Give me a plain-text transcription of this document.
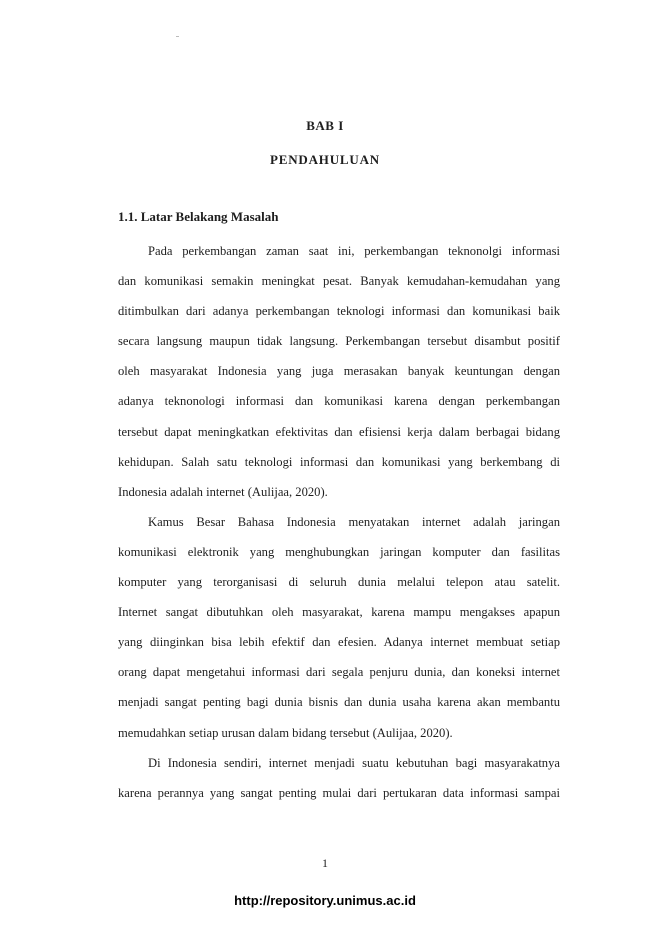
BAB I
PENDAHULUAN
1.1. Latar Belakang Masalah
Pada perkembangan zaman saat ini, perkembangan teknonolgi informasi
dan komunikasi semakin meningkat pesat. Banyak kemudahan-kemudahan yang
ditimbulkan dari adanya perkembangan teknologi informasi dan komunikasi baik
secara langsung maupun tidak langsung. Perkembangan tersebut disambut positif
oleh masyarakat Indonesia yang juga merasakan banyak keuntungan dengan
adanya teknonologi informasi dan komunikasi karena dengan perkembangan
tersebut dapat meningkatkan efektivitas dan efisiensi kerja dalam berbagai bidang
kehidupan. Salah satu teknologi informasi dan komunikasi yang berkembang di
Indonesia adalah internet (Aulijaa, 2020).
Kamus Besar Bahasa Indonesia menyatakan internet adalah jaringan
komunikasi elektronik yang menghubungkan jaringan komputer dan fasilitas
komputer yang terorganisasi di seluruh dunia melalui telepon atau satelit.
Internet sangat dibutuhkan oleh masyarakat, karena mampu mengakses apapun
yang diinginkan bisa lebih efektif dan efesien. Adanya internet membuat setiap
orang dapat mengetahui informasi dari segala penjuru dunia, dan koneksi internet
menjadi sangat penting bagi dunia bisnis dan dunia usaha karena akan membantu
memudahkan setiap urusan dalam bidang tersebut (Aulijaa, 2020).
Di Indonesia sendiri, internet menjadi suatu kebutuhan bagi masyarakatnya
karena perannya yang sangat penting mulai dari pertukaran data informasi sampai
1
http://repository.unimus.ac.id
